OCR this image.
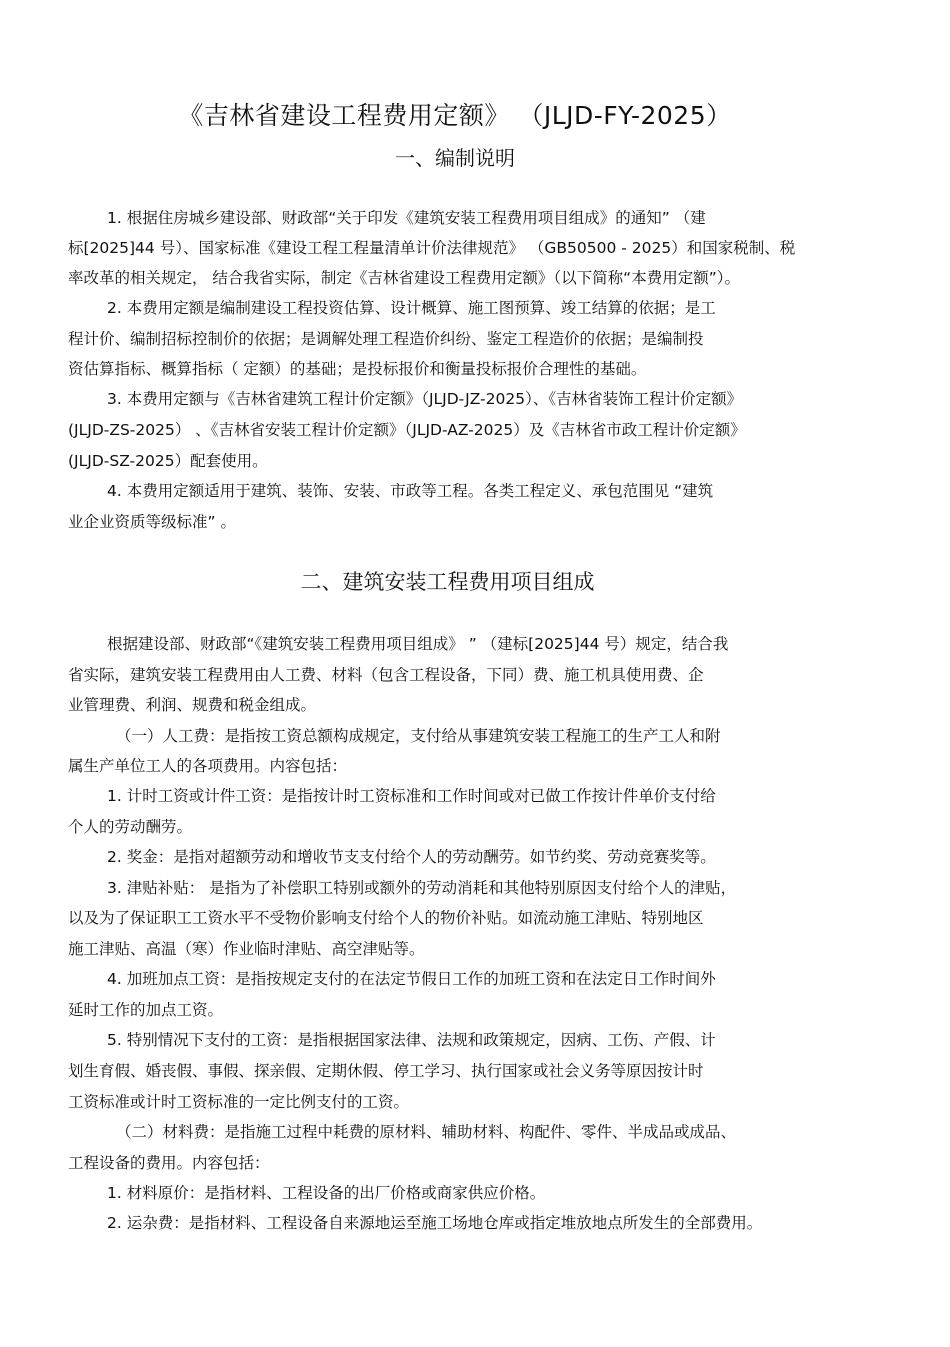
《吉林省建设工程费用定额》 （JLJD-FY-2025）
一、编制说明
1. 根据住房城乡建设部、财政部“关于印发《建筑安装工程费用项目组成》的通知” （建
标[2025]44 号）、国家标准《建设工程工程量清单计价法律规范》 （GB50500 - 2025）和国家税制、税
率改革的相关规定， 结合我省实际，制定《吉林省建设工程费用定额》（以下简称“本费用定额”）。
2. 本费用定额是编制建设工程投资估算、设计概算、施工图预算、竣工结算的依据；是工
程计价、编制招标控制价的依据；是调解处理工程造价纠纷、鉴定工程造价的依据；是编制投
资估算指标、概算指标（ 定额）的基础；是投标报价和衡量投标报价合理性的基础。
3. 本费用定额与《吉林省建筑工程计价定额》（JLJD-JZ-2025）、《吉林省装饰工程计价定额》
(JLJD-ZS-2025） 、《吉林省安装工程计价定额》（JLJD-AZ-2025）及《吉林省市政工程计价定额》
(JLJD-SZ-2025）配套使用。
4. 本费用定额适用于建筑、装饰、安装、市政等工程。各类工程定义、承包范围见 “建筑
业企业资质等级标准” 。
二、建筑安装工程费用项目组成
根据建设部、财政部“《建筑安装工程费用项目组成》 ” （建标[2025]44 号）规定，结合我
省实际，建筑安装工程费用由人工费、材料（包含工程设备，下同）费、施工机具使用费、企
业管理费、利润、规费和税金组成。
（一）人工费：是指按工资总额构成规定，支付给从事建筑安装工程施工的生产工人和附
属生产单位工人的各项费用。内容包括：
1. 计时工资或计件工资：是指按计时工资标准和工作时间或对已做工作按计件单价支付给
个人的劳动酬劳。
2. 奖金：是指对超额劳动和增收节支支付给个人的劳动酬劳。如节约奖、劳动竞赛奖等。
3. 津贴补贴： 是指为了补偿职工特别或额外的劳动消耗和其他特别原因支付给个人的津贴，
以及为了保证职工工资水平不受物价影响支付给个人的物价补贴。如流动施工津贴、特别地区
施工津贴、高温（寒）作业临时津贴、高空津贴等。
4. 加班加点工资：是指按规定支付的在法定节假日工作的加班工资和在法定日工作时间外
延时工作的加点工资。
5. 特别情况下支付的工资：是指根据国家法律、法规和政策规定，因病、工伤、产假、计
划生育假、婚丧假、事假、探亲假、定期休假、停工学习、执行国家或社会义务等原因按计时
工资标准或计时工资标准的一定比例支付的工资。
（二）材料费：是指施工过程中耗费的原材料、辅助材料、构配件、零件、半成品或成品、
工程设备的费用。内容包括：
1. 材料原价：是指材料、工程设备的出厂价格或商家供应价格。
2. 运杂费：是指材料、工程设备自来源地运至施工场地仓库或指定堆放地点所发生的全部费用。
